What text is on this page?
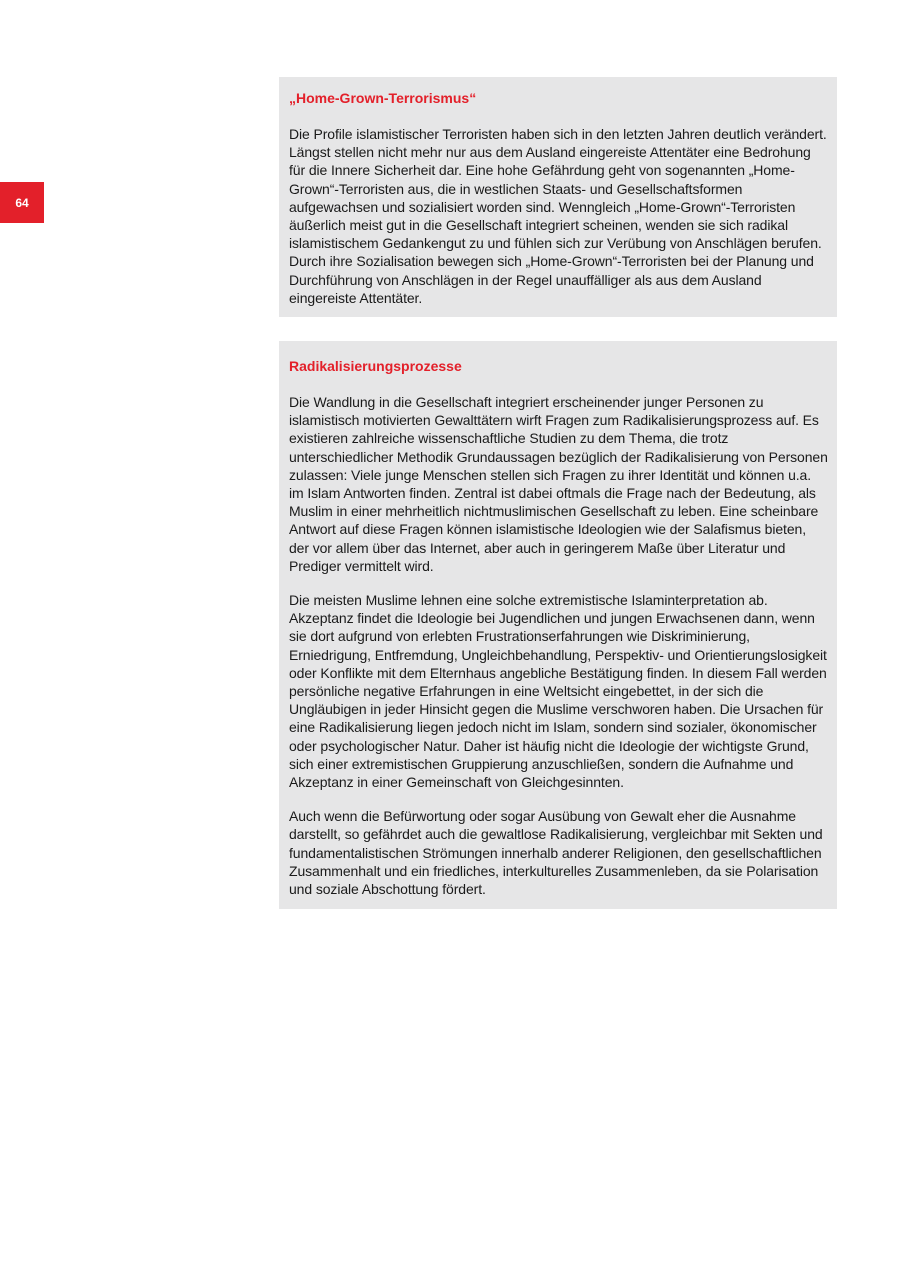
64
„Home-Grown-Terrorismus“

Die Profile islamistischer Terroristen haben sich in den letzten Jahren deutlich verändert. Längst stellen nicht mehr nur aus dem Ausland eingereiste Attentäter eine Bedrohung für die Innere Sicherheit dar. Eine hohe Gefährdung geht von sogenannten „Home-Grown“-Terroristen aus, die in westlichen Staats- und Gesellschaftsformen aufgewachsen und sozialisiert worden sind. Wenngleich „Home-Grown“-Terroristen äußerlich meist gut in die Gesellschaft integriert scheinen, wenden sie sich radikal islamistischem Gedankengut zu und fühlen sich zur Verübung von Anschlägen berufen. Durch ihre Sozialisation bewegen sich „Home-Grown“-Terroristen bei der Planung und Durchführung von Anschlägen in der Regel unauffälliger als aus dem Ausland eingereiste Attentäter.

Radikalisierungsprozesse

Die Wandlung in die Gesellschaft integriert erscheinender junger Personen zu islamistisch motivierten Gewalttätern wirft Fragen zum Radikalisierungsprozess auf. Es existieren zahlreiche wissenschaftliche Studien zu dem Thema, die trotz unterschiedlicher Methodik Grundaussagen bezüglich der Radikalisierung von Personen zulassen: Viele junge Menschen stellen sich Fragen zu ihrer Identität und können u.a. im Islam Antworten finden. Zentral ist dabei oftmals die Frage nach der Bedeutung, als Muslim in einer mehrheitlich nichtmuslimischen Gesellschaft zu leben. Eine scheinbare Antwort auf diese Fragen können islamistische Ideologien wie der Salafismus bieten, der vor allem über das Internet, aber auch in geringerem Maße über Literatur und Prediger vermittelt wird.

Die meisten Muslime lehnen eine solche extremistische Islaminterpretation ab. Akzeptanz findet die Ideologie bei Jugendlichen und jungen Erwachsenen dann, wenn sie dort aufgrund von erlebten Frustrationserfahrungen wie Diskriminierung, Erniedrigung, Entfremdung, Ungleichbehandlung, Perspektiv- und Orientierungslosigkeit oder Konflikte mit dem Elternhaus angebliche Bestätigung finden. In diesem Fall werden persönliche negative Erfahrungen in eine Weltsicht eingebettet, in der sich die Ungläubigen in jeder Hinsicht gegen die Muslime verschworen haben. Die Ursachen für eine Radikalisierung liegen jedoch nicht im Islam, sondern sind sozialer, ökonomischer oder psychologischer Natur. Daher ist häufig nicht die Ideologie der wichtigste Grund, sich einer extremistischen Gruppierung anzuschließen, sondern die Aufnahme und Akzeptanz in einer Gemeinschaft von Gleichgesinnten.

Auch wenn die Befürwortung oder sogar Ausübung von Gewalt eher die Ausnahme darstellt, so gefährdet auch die gewaltlose Radikalisierung, vergleichbar mit Sekten und fundamentalistischen Strömungen innerhalb anderer Religionen, den gesellschaftlichen Zusammenhalt und ein friedliches, interkulturelles Zusammenleben, da sie Polarisation und soziale Abschottung fördert.
